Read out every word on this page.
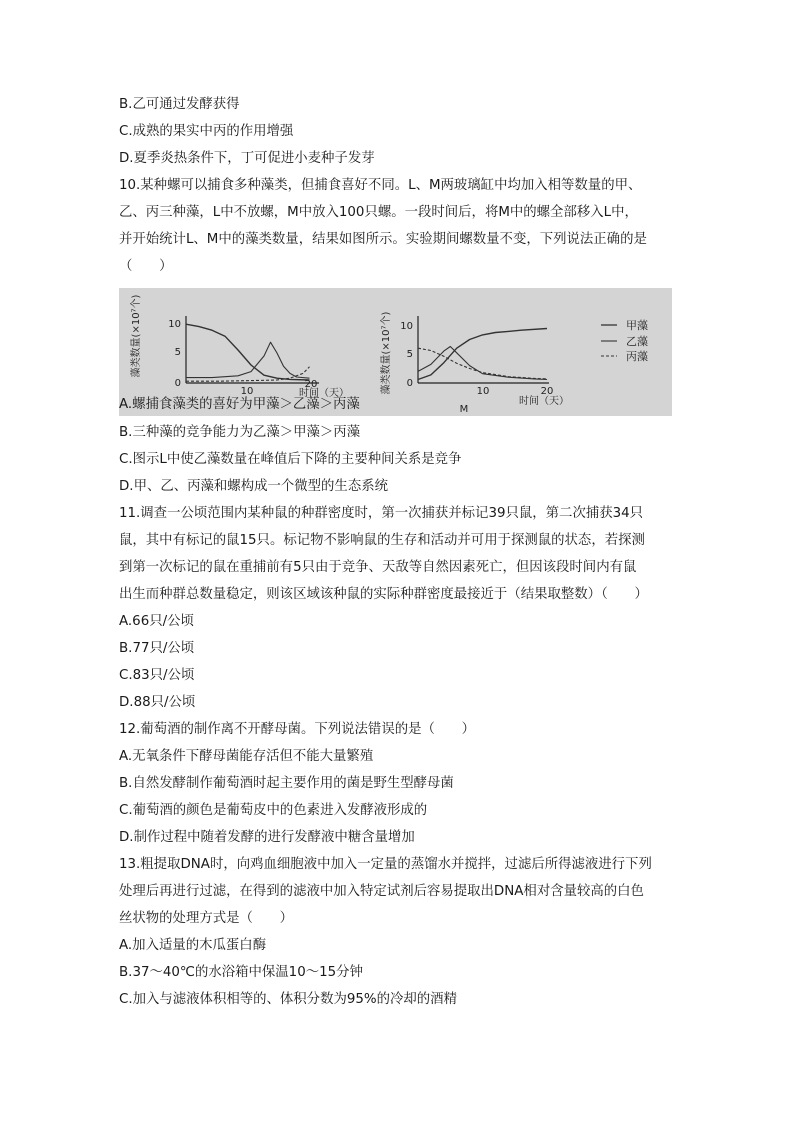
B.乙可通过发酵获得
C.成熟的果实中丙的作用增强
D.夏季炎热条件下，丁可促进小麦种子发芽
10.某种螺可以捕食多种藻类，但捕食喜好不同。L、M两玻璃缸中均加入相等数量的甲、
乙、丙三种藻，L中不放螺，M中放入100只螺。一段时间后，将M中的螺全部移入L中，
并开始统计L、M中的藻类数量，结果如图所示。实验期间螺数量不变，下列说法正确的是
（　　）
藻类数量(×10⁷个)	10
5
0
10
20
时间（天）	藻类数量(×10⁷个) 10
5
0
10	20
M
时间（天）
甲藻
乙藻
丙藻
A.螺捕食藻类的喜好为甲藻＞乙藻＞丙藻
B.三种藻的竞争能力为乙藻＞甲藻＞丙藻
C.图示L中使乙藻数量在峰值后下降的主要种间关系是竞争
D.甲、乙、丙藻和螺构成一个微型的生态系统
11.调查一公顷范围内某种鼠的种群密度时，第一次捕获并标记39只鼠，第二次捕获34只
鼠，其中有标记的鼠15只。标记物不影响鼠的生存和活动并可用于探测鼠的状态，若探测
到第一次标记的鼠在重捕前有5只由于竞争、天敌等自然因素死亡，但因该段时间内有鼠
出生而种群总数量稳定，则该区域该种鼠的实际种群密度最接近于（结果取整数）（　　）
A.66只/公顷
B.77只/公顷
C.83只/公顷
D.88只/公顷
12.葡萄酒的制作离不开酵母菌。下列说法错误的是（　　）
A.无氧条件下酵母菌能存活但不能大量繁殖
B.自然发酵制作葡萄酒时起主要作用的菌是野生型酵母菌
C.葡萄酒的颜色是葡萄皮中的色素进入发酵液形成的
D.制作过程中随着发酵的进行发酵液中糖含量增加
13.粗提取DNA时，向鸡血细胞液中加入一定量的蒸馏水并搅拌，过滤后所得滤液进行下列
处理后再进行过滤，在得到的滤液中加入特定试剂后容易提取出DNA相对含量较高的白色
丝状物的处理方式是（　　）
A.加入适量的木瓜蛋白酶
B.37～40℃的水浴箱中保温10～15分钟
C.加入与滤液体积相等的、体积分数为95%的冷却的酒精
